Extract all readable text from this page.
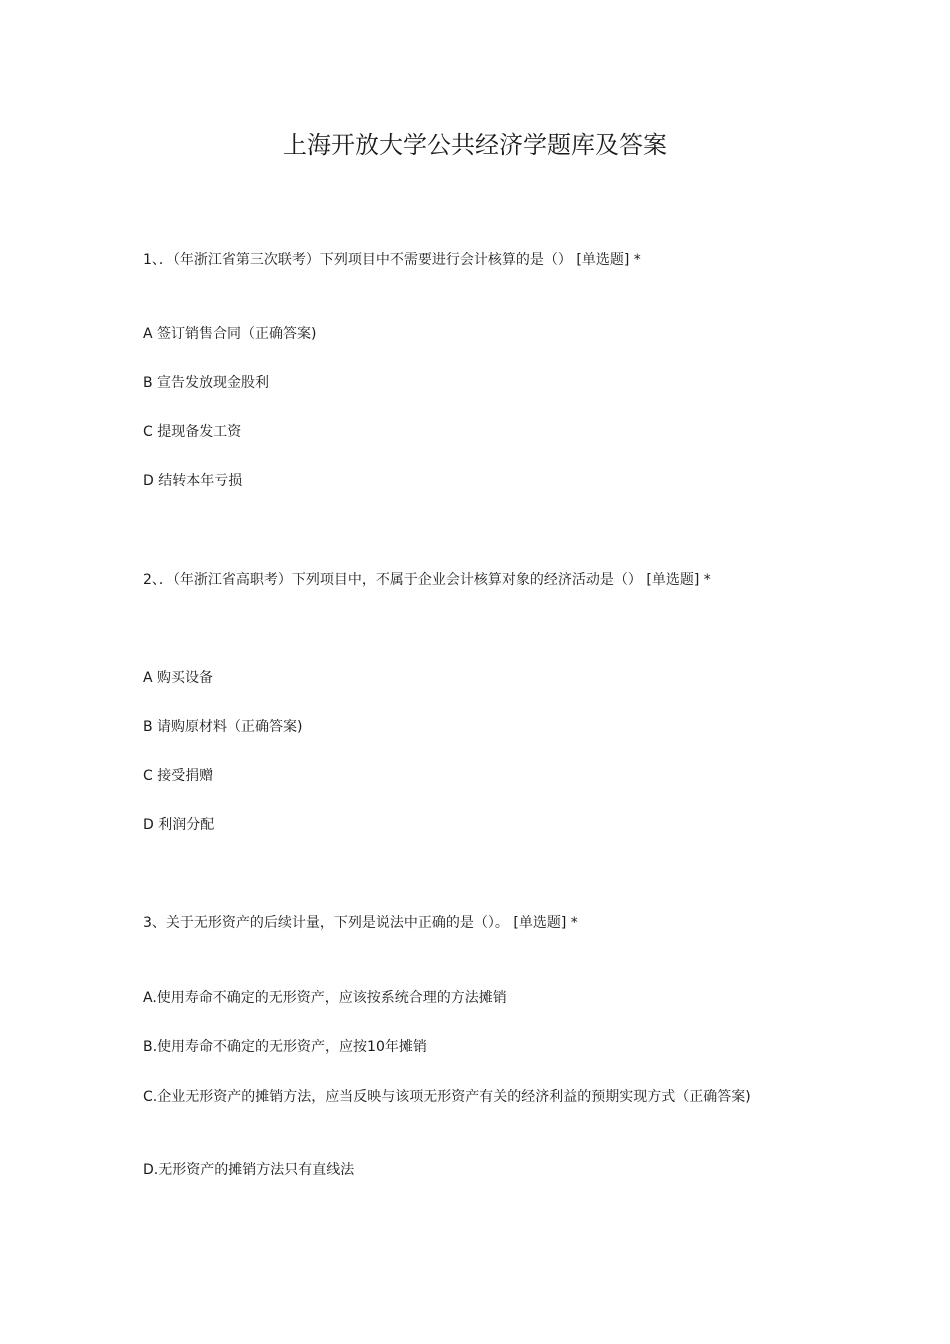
上海开放大学公共经济学题库及答案

1、．（年浙江省第三次联考）下列项目中不需要进行会计核算的是（） [单选题] *

A 签订销售合同（正确答案)

B 宣告发放现金股利

C 提现备发工资

D 结转本年亏损

2、．（年浙江省高职考）下列项目中，不属于企业会计核算对象的经济活动是（） [单选题] *

A 购买设备

B 请购原材料（正确答案)

C 接受捐赠

D 利润分配

3、关于无形资产的后续计量，下列是说法中正确的是（）。 [单选题] *

A.使用寿命不确定的无形资产，应该按系统合理的方法摊销

B.使用寿命不确定的无形资产，应按10年摊销

C.企业无形资产的摊销方法，应当反映与该项无形资产有关的经济利益的预期实现方式（正确答案)

D.无形资产的摊销方法只有直线法
